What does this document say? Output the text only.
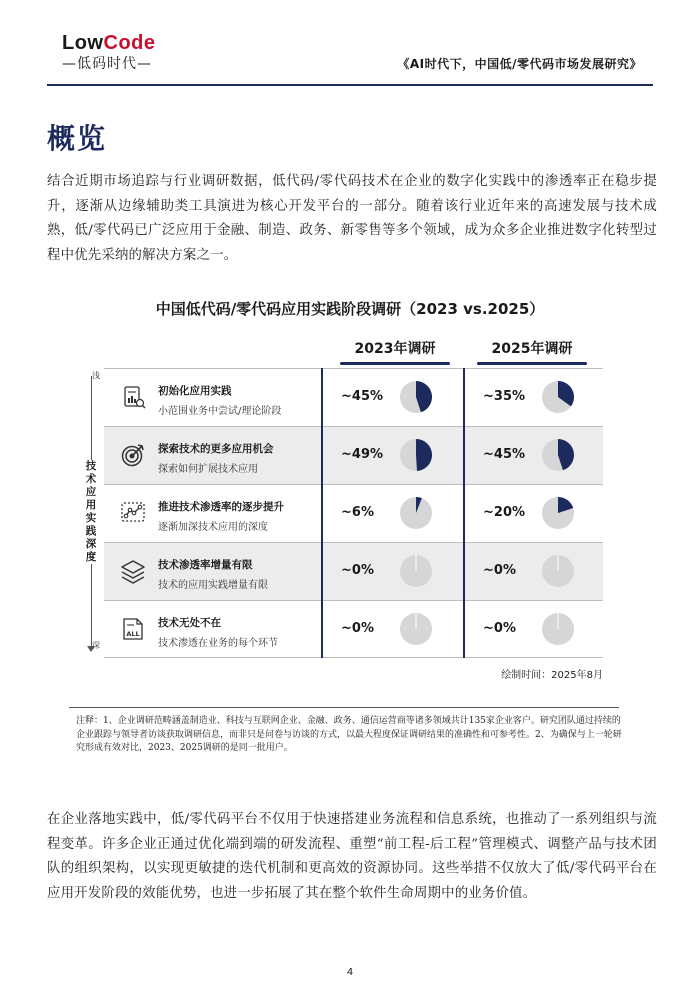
LowCode
—低码时代—	《AI时代下，中国低/零代码市场发展研究》
概览
结合近期市场追踪与行业调研数据，低代码/零代码技术在企业的数字化实践中的渗透率正在稳步提升，逐渐从边缘辅助类工具演进为核心开发平台的一部分。随着该行业近年来的高速发展与技术成熟，低/零代码已广泛应用于金融、制造、政务、新零售等多个领域，成为众多企业推进数字化转型过程中优先采纳的解决方案之一。
中国低代码/零代码应用实践阶段调研（2023 vs.2025）
2023年调研	2025年调研
浅
技术应用实践深度
深
初始化应用实践
小范围业务中尝试/理论阶段
~45%	~35%
探索技术的更多应用机会
探索如何扩展技术应用
~49%	~45%
推进技术渗透率的逐步提升
逐渐加深技术应用的深度
~6%	~20%
技术渗透率增量有限
技术的应用实践增量有限
~0%	~0%
ALL
技术无处不在
技术渗透在业务的每个环节
~0%	~0%
绘制时间：2025年8月
注释：1、企业调研范畴涵盖制造业、科技与互联网企业、金融、政务、通信运营商等诸多领域共计135家企业客户。研究团队通过持续的企业跟踪与领导者访谈获取调研信息，而非只是问卷与访谈的方式，以最大程度保证调研结果的准确性和可参考性。2、为确保与上一轮研究形成有效对比，2023、2025调研的是同一批用户。
在企业落地实践中，低/零代码平台不仅用于快速搭建业务流程和信息系统，也推动了一系列组织与流程变革。许多企业正通过优化端到端的研发流程、重塑“前工程-后工程”管理模式、调整产品与技术团队的组织架构，以实现更敏捷的迭代机制和更高效的资源协同。这些举措不仅放大了低/零代码平台在应用开发阶段的效能优势，也进一步拓展了其在整个软件生命周期中的业务价值。
4
